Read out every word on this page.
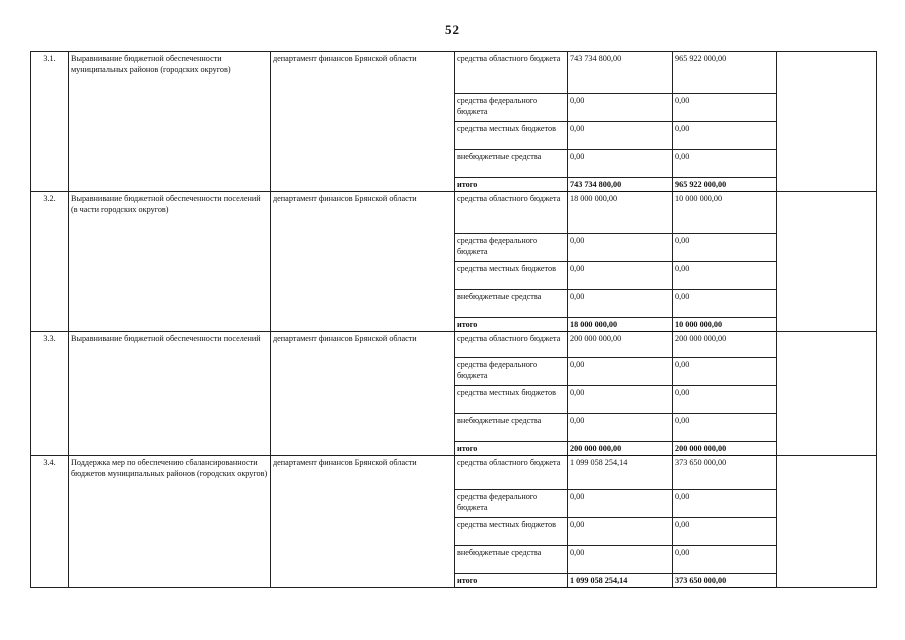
52
3.1.	Выравнивание бюджетной обеспеченности муниципальных районов (городских округов)	департамент финансов Брянской области	средства областного бюджета	743 734 800,00	965 922 000,00	
			средства федерального бюджета	0,00	0,00	
			средства местных бюджетов	0,00	0,00	
			внебюджетные средства	0,00	0,00	
			итого	743 734 800,00	965 922 000,00	
3.2.	Выравнивание бюджетной обеспеченности поселений (в части городских округов)	департамент финансов Брянской области	средства областного бюджета	18 000 000,00	10 000 000,00	
			средства федерального бюджета	0,00	0,00	
			средства местных бюджетов	0,00	0,00	
			внебюджетные средства	0,00	0,00	
			итого	18 000 000,00	10 000 000,00	
3.3.	Выравнивание бюджетной обеспеченности поселений	департамент финансов Брянской области	средства областного бюджета	200 000 000,00	200 000 000,00	
			средства федерального бюджета	0,00	0,00	
			средства местных бюджетов	0,00	0,00	
			внебюджетные средства	0,00	0,00	
			итого	200 000 000,00	200 000 000,00	
3.4.	Поддержка мер по обеспечению сбалансированности бюджетов муниципальных районов (городских округов)	департамент финансов Брянской области	средства областного бюджета	1 099 058 254,14	373 650 000,00	
			средства федерального бюджета	0,00	0,00	
			средства местных бюджетов	0,00	0,00	
			внебюджетные средства	0,00	0,00	
			итого	1 099 058 254,14	373 650 000,00	
